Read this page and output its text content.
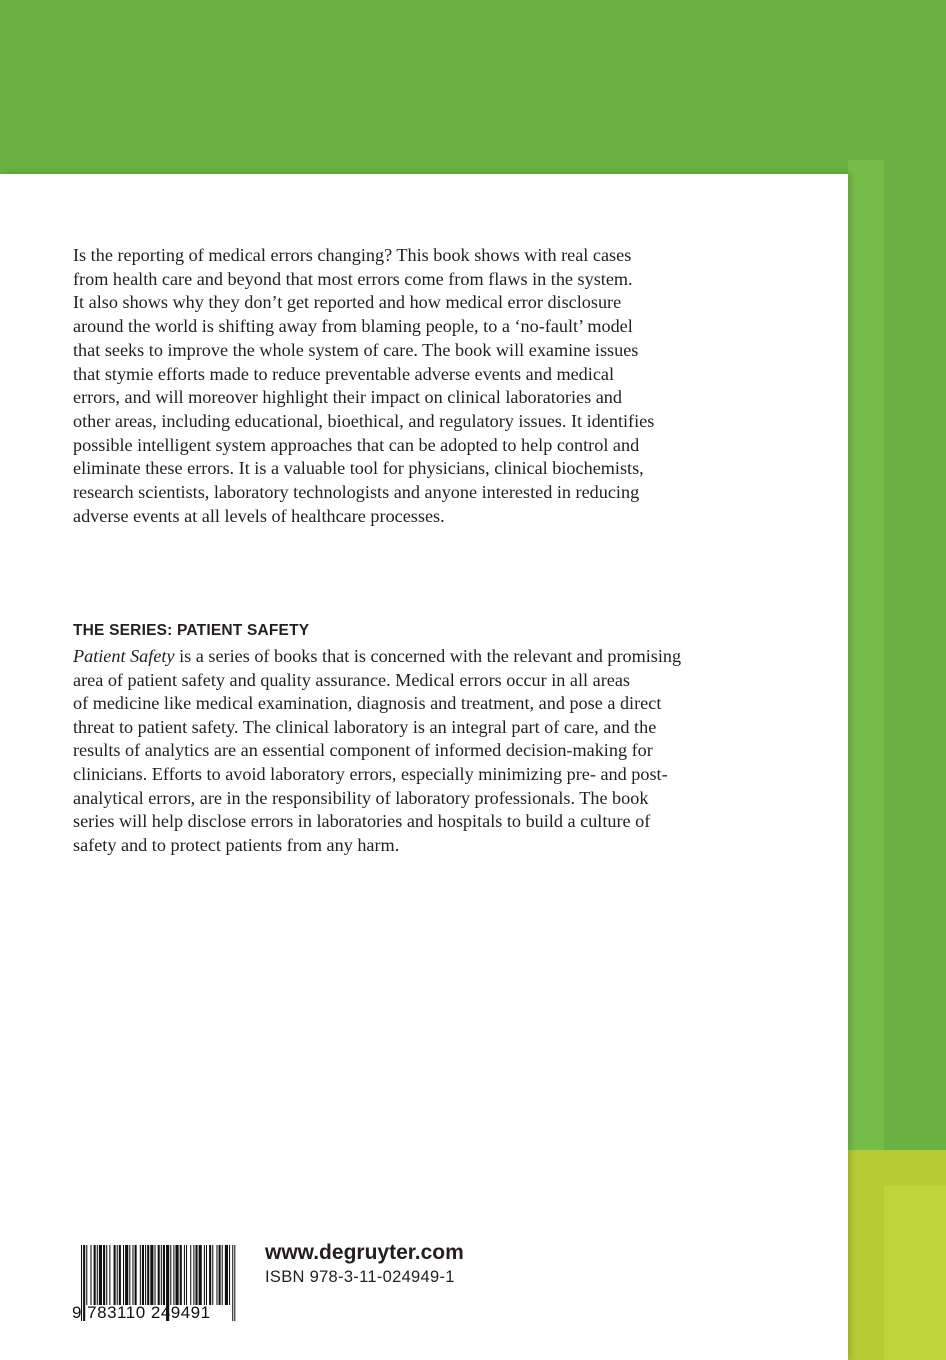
Is the reporting of medical errors changing? This book shows with real cases
from health care and beyond that most errors come from flaws in the system.
It also shows why they don’t get reported and how medical error disclosure
around the world is shifting away from blaming people, to a ‘no-fault’ model
that seeks to improve the whole system of care. The book will examine issues
that stymie efforts made to reduce preventable adverse events and medical
errors, and will moreover highlight their impact on clinical laboratories and
other areas, including educational, bioethical, and regulatory issues. It identifies
possible intelligent system approaches that can be adopted to help control and
eliminate these errors. It is a valuable tool for physicians, clinical biochemists,
research scientists, laboratory technologists and anyone interested in reducing
adverse events at all levels of healthcare processes.
THE SERIES: PATIENT SAFETY
Patient Safety is a series of books that is concerned with the relevant and promising
area of patient safety and quality assurance. Medical errors occur in all areas
of medicine like medical examination, diagnosis and treatment, and pose a direct
threat to patient safety. The clinical laboratory is an integral part of care, and the
results of analytics are an essential component of informed decision-making for
clinicians. Efforts to avoid laboratory errors, especially minimizing pre- and post-
analytical errors, are in the responsibility of laboratory professionals. The book
series will help disclose errors in laboratories and hospitals to build a culture of
safety and to protect patients from any harm.
9 783110 249491
www.degruyter.com
ISBN 978-3-11-024949-1
